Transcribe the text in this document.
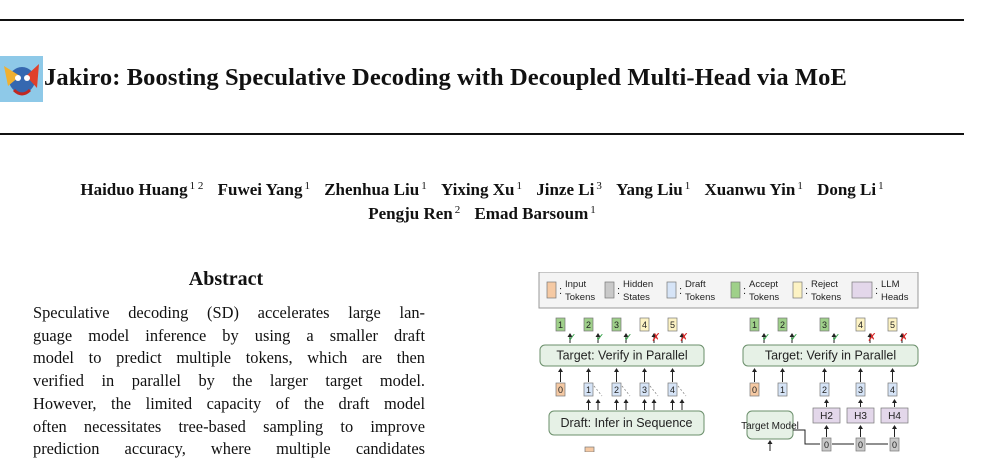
Jakiro: Boosting Speculative Decoding with Decoupled Multi-Head via MoE
Haiduo Huang $^{1 2}$ Fuwei Yang $^1$ Zhenhua Liu $^1$ Yixing Xu $^1$ Jinze Li $^3$ Yang Liu $^1$ Xuanwu Yin $^1$ Dong Li $^1$
Pengju Ren $^2$ Emad Barsoum $^1$
Abstract
Speculative decoding (SD) accelerates large lan-
guage model inference by using a smaller draft
model to predict multiple tokens, which are then
verified in parallel by the larger target model.
However, the limited capacity of the draft model
often necessitates tree-based sampling to improve
prediction accuracy, where multiple candidates
:
Input
Tokens
:
Hidden
States
:
Draft
Tokens
:
Accept
Tokens
:
Reject
Tokens
:
LLM
Heads
1
✓
2
✓
3
✓
4
✗
5
✗
Target: Verify in Parallel
0	1	2	3	4
Draft: Infer in Sequence
1
✓
2
✓
3
✓
4
✗
5
✗
Target: Verify in Parallel
0	1	2	3	4
Target Model
H2
0
H3
0
H4
0
